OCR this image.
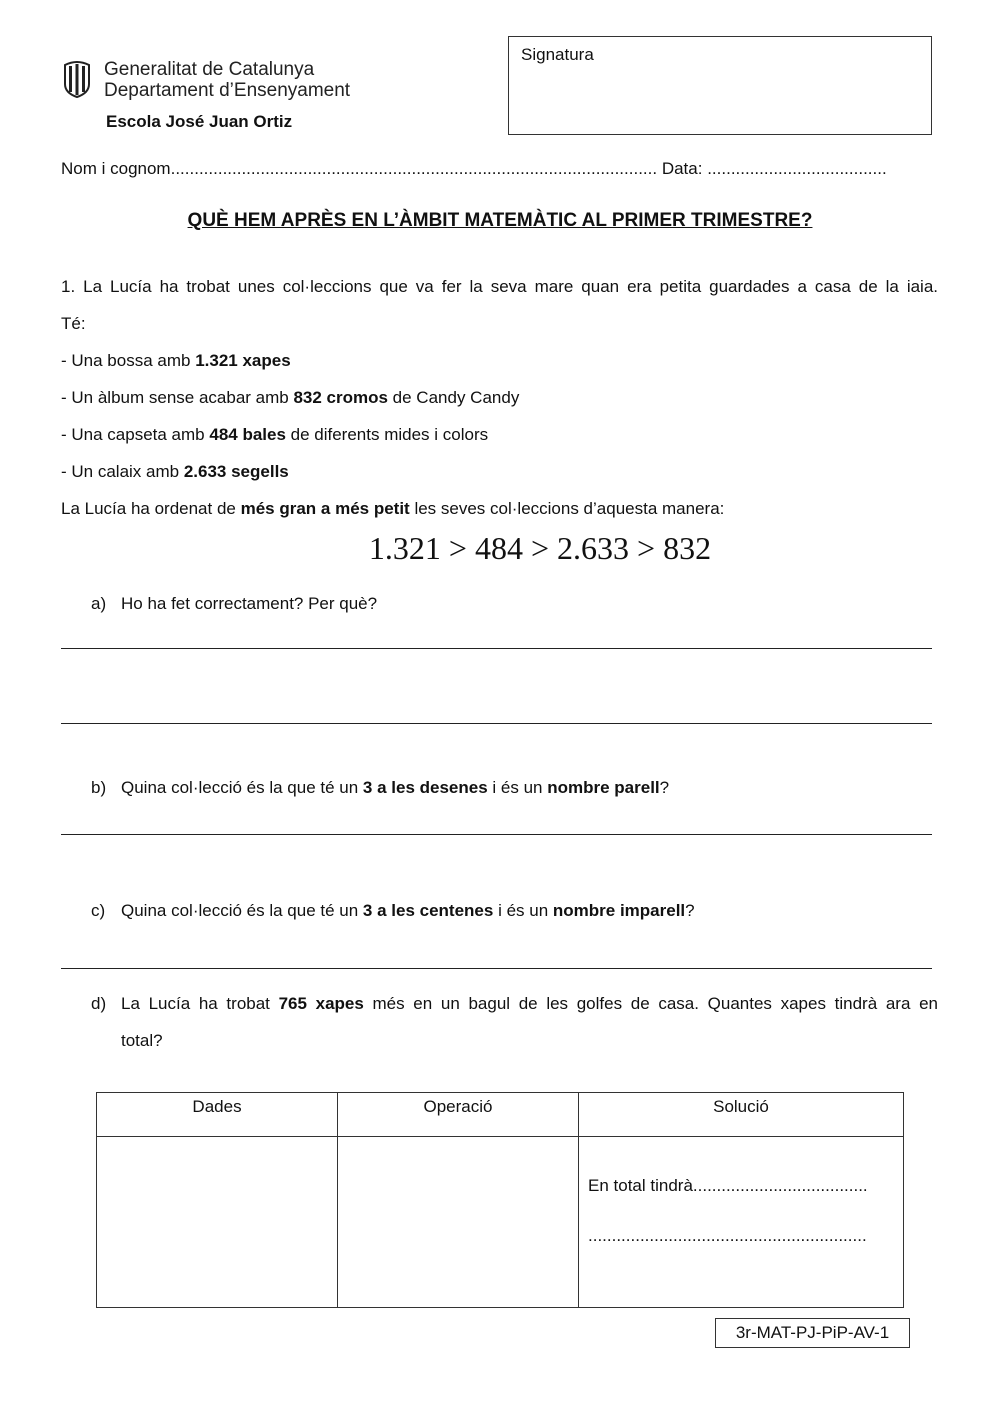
Generalitat de Catalunya
Departament d’Ensenyament
Escola José Juan Ortiz
Signatura
Nom i cognom....................................................................................................... Data: ......................................
QUÈ HEM APRÈS EN L’ÀMBIT MATEMÀTIC AL PRIMER TRIMESTRE?
1. La Lucía ha trobat unes col·leccions que va fer la seva mare quan era petita guardades a casa de la iaia.
Té:
- Una bossa amb 1.321 xapes
- Un àlbum sense acabar amb 832 cromos de Candy Candy
- Una capseta amb 484 bales de diferents mides i colors
- Un calaix amb 2.633 segells
La Lucía ha ordenat de més gran a més petit les seves col·leccions d’aquesta manera:
1.321 > 484 > 2.633 > 832
a) Ho ha fet correctament? Per què?
b) Quina col·lecció és la que té un 3 a les desenes i és un nombre parell?
c) Quina col·lecció és la que té un 3 a les centenes i és un nombre imparell?
d) La Lucía ha trobat 765 xapes més en un bagul de les golfes de casa. Quantes xapes tindrà ara en
total?
Dades	Operació	Solució

		En total tindrà.....................................
...........................................................
3r-MAT-PJ-PiP-AV-1
